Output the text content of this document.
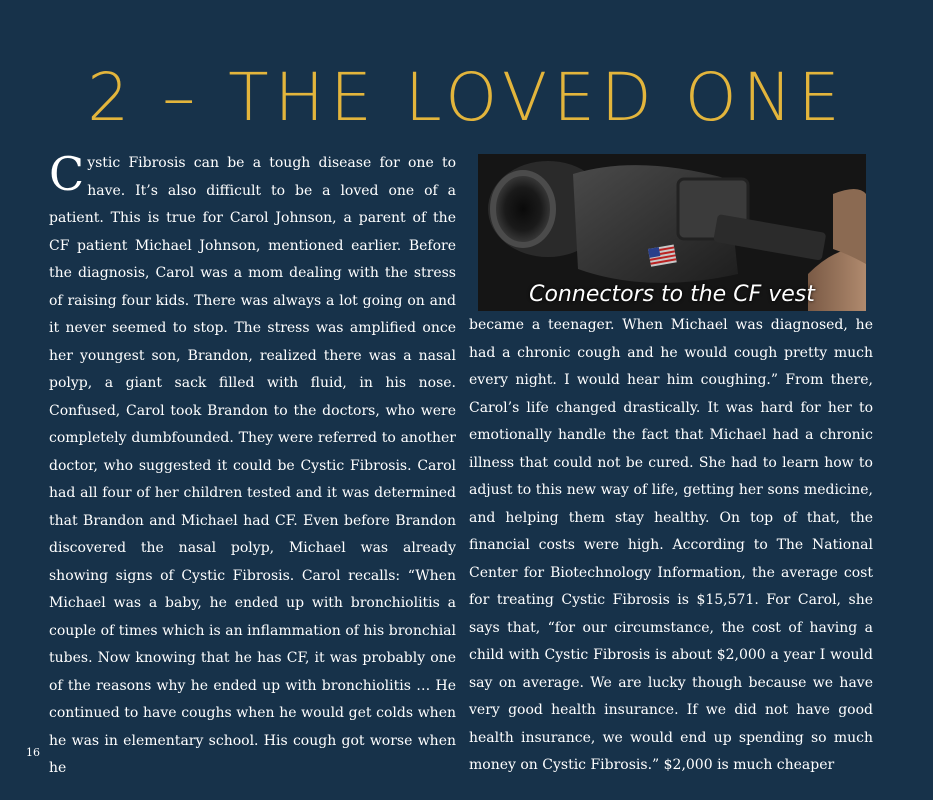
2 – THE LOVED ONE

Cystic Fibrosis can be a tough disease for one to have. It’s also difficult to be a loved one of a patient. This is true for Carol Johnson, a parent of the CF patient Michael Johnson, mentioned earlier. Before the diagnosis, Carol was a mom dealing with the stress of raising four kids. There was always a lot going on and it never seemed to stop. The stress was amplified once her youngest son, Brandon, realized there was a nasal polyp, a giant sack filled with fluid, in his nose. Confused, Carol took Brandon to the doctors, who were completely dumbfounded. They were referred to another doctor, who suggested it could be Cystic Fibrosis. Carol had all four of her children tested and it was determined that Brandon and Michael had CF. Even before Brandon discovered the nasal polyp, Michael was already showing signs of Cystic Fibrosis. Carol recalls: “When Michael was a baby, he ended up with bronchiolitis a couple of times which is an inflammation of his bronchial tubes. Now knowing that he has CF, it was probably one of the reasons why he ended up with bronchiolitis … He continued to have coughs when he would get colds when he was in elementary school. His cough got worse when he

Connectors to the CF vest

became a teenager. When Michael was diagnosed, he had a chronic cough and he would cough pretty much every night. I would hear him coughing.” From there, Carol’s life changed drastically. It was hard for her to emotionally handle the fact that Michael had a chronic illness that could not be cured. She had to learn how to adjust to this new way of life, getting her sons medicine, and helping them stay healthy. On top of that, the financial costs were high. According to The National Center for Biotechnology Information, the average cost for treating Cystic Fibrosis is $15,571. For Carol, she says that, “for our circumstance, the cost of having a child with Cystic Fibrosis is about $2,000 a year I would say on average. We are lucky though because we have very good health insurance. If we did not have good health insurance, we would end up spending so much money on Cystic Fibrosis.” $2,000 is much cheaper

16
